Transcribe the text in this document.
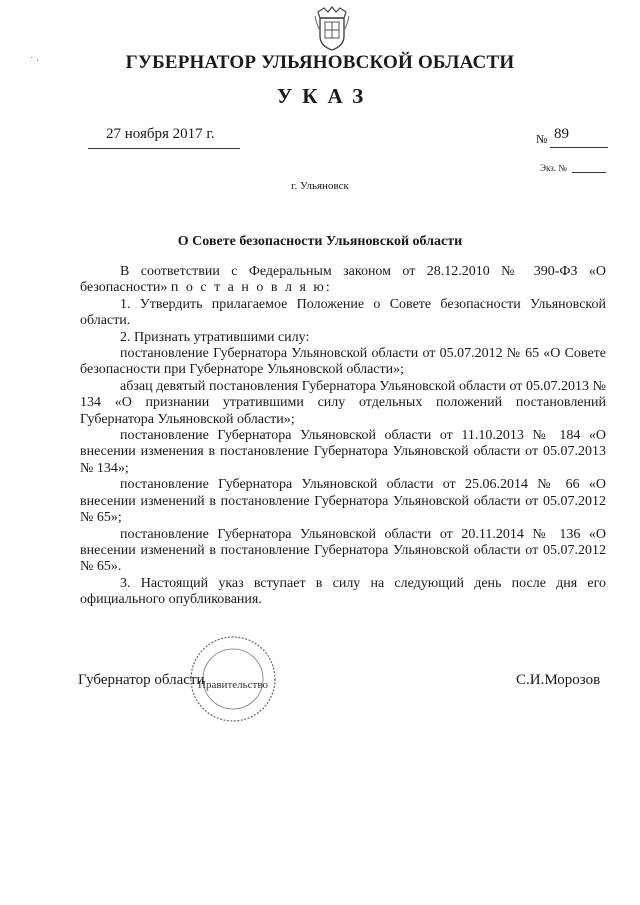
˙ ·	ГУБЕРНАТОР УЛЬЯНОВСКОЙ ОБЛАСТИ
УКАЗ
27 ноября 2017 г.	№ 89
Экз. №
г. Ульяновск
О Совете безопасности Ульяновской области

В соответствии с Федеральным законом от 28.12.2010 № 390-ФЗ «О безопасности» п о с т а н о в л я ю:

1. Утвердить прилагаемое Положение о Совете безопасности Ульяновской области.

2. Признать утратившими силу:

постановление Губернатора Ульяновской области от 05.07.2012 № 65 «О Совете безопасности при Губернаторе Ульяновской области»;

абзац девятый постановления Губернатора Ульяновской области от 05.07.2013 № 134 «О признании утратившими силу отдельных положений постановлений Губернатора Ульяновской области»;

постановление Губернатора Ульяновской области от 11.10.2013 № 184 «О внесении изменения в постановление Губернатора Ульяновской области от 05.07.2013 № 134»;

постановление Губернатора Ульяновской области от 25.06.2014 № 66 «О внесении изменений в постановление Губернатора Ульяновской области от 05.07.2012 № 65»;

постановление Губернатора Ульяновской области от 20.11.2014 № 136 «О внесении изменений в постановление Губернатора Ульяновской области от 05.07.2012 № 65».

3. Настоящий указ вступает в силу на следующий день после дня его официального опубликования.

Правительство
Губернатор области	С.И.Морозов
